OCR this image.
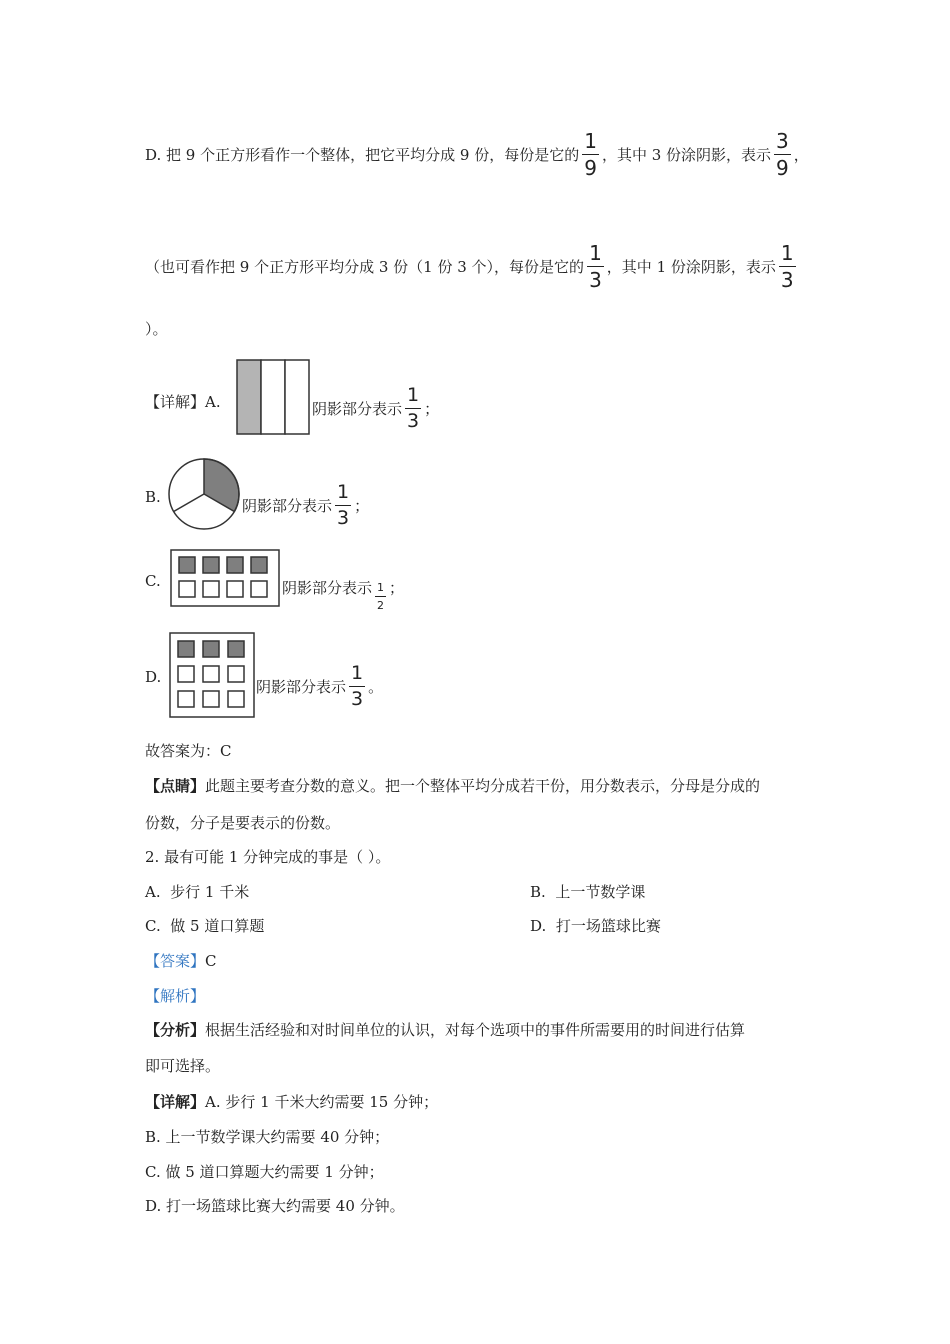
D. 把 9 个正方形看作一个整体，把它平均分成 9 份，每份是它的 $\frac{1}{9}$ ，其中 3 份涂阴影，表示 $\frac{3}{9}$ ，
（也可看作把 9 个正方形平均分成 3 份（1 份 3 个），每份是它的 $\frac{1}{3}$ ，其中 1 份涂阴影，表示 $\frac{1}{3}$
）。
【详解】A.	阴影部分表示 $\frac{1}{3}$ ；
B.	阴影部分表示 $\frac{1}{3}$ ；
C.	阴影部分表示 $\frac{1}{2}$ ；
D.
阴影部分表示 $\frac{1}{3}$ 。
故答案为：C
【点睛】此题主要考查分数的意义。把一个整体平均分成若干份，用分数表示，分母是分成的
份数，分子是要表示的份数。
2. 最有可能 1 分钟完成的事是（ ）。
A. 步行 1 千米	B. 上一节数学课
C. 做 5 道口算题	D. 打一场篮球比赛
【答案】C
【解析】
【分析】根据生活经验和对时间单位的认识，对每个选项中的事件所需要用的时间进行估算
即可选择。
【详解】A. 步行 1 千米大约需要 15 分钟；
B. 上一节数学课大约需要 40 分钟；
C. 做 5 道口算题大约需要 1 分钟；
D. 打一场篮球比赛大约需要 40 分钟。
